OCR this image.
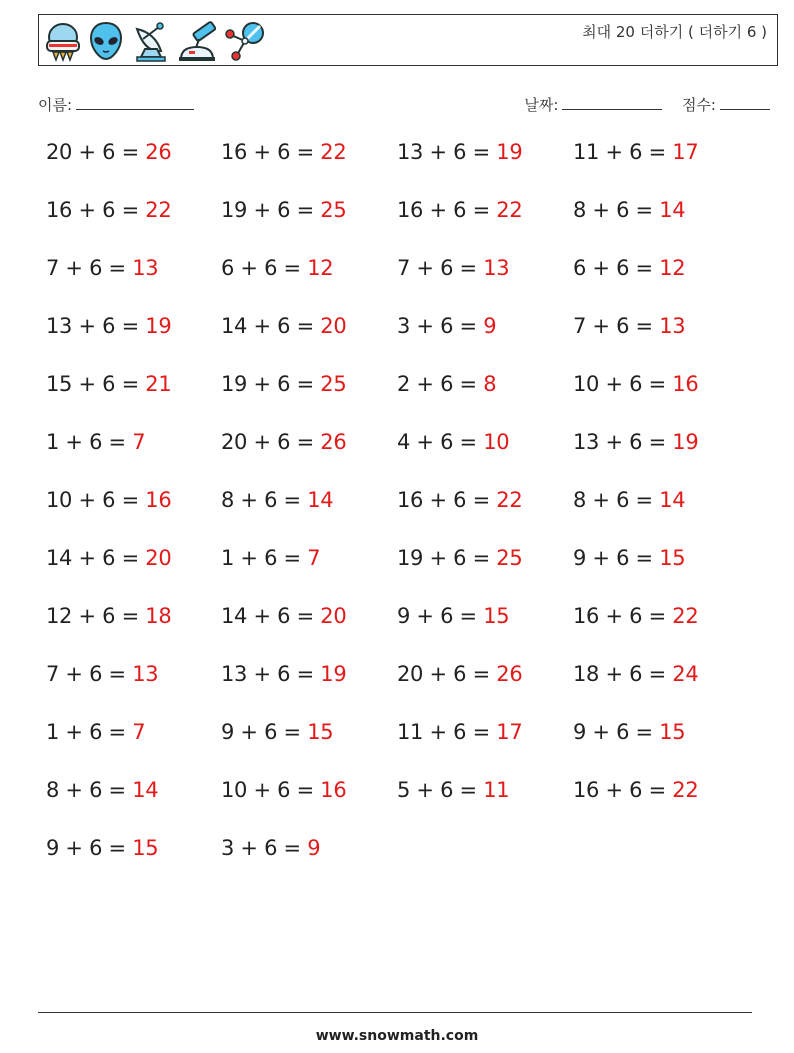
최대 20 더하기 ( 더하기 6 )
이름:	날짜:	점수:
20 + 6 = 26 16 + 6 = 22 13 + 6 = 19 11 + 6 = 17
16 + 6 = 22 19 + 6 = 25 16 + 6 = 22 8 + 6 = 14
7 + 6 = 13	6 + 6 = 12	7 + 6 = 13	6 + 6 = 12
13 + 6 = 19 14 + 6 = 20 3 + 6 = 9	7 + 6 = 13
15 + 6 = 21 19 + 6 = 25 2 + 6 = 8	10 + 6 = 16
1 + 6 = 7	20 + 6 = 26 4 + 6 = 10	13 + 6 = 19
10 + 6 = 16 8 + 6 = 14	16 + 6 = 22 8 + 6 = 14
14 + 6 = 20 1 + 6 = 7	19 + 6 = 25 9 + 6 = 15
12 + 6 = 18 14 + 6 = 20 9 + 6 = 15	16 + 6 = 22
7 + 6 = 13	13 + 6 = 19 20 + 6 = 26 18 + 6 = 24
1 + 6 = 7	9 + 6 = 15	11 + 6 = 17 9 + 6 = 15
8 + 6 = 14	10 + 6 = 16 5 + 6 = 11	16 + 6 = 22
9 + 6 = 15	3 + 6 = 9
www.snowmath.com
